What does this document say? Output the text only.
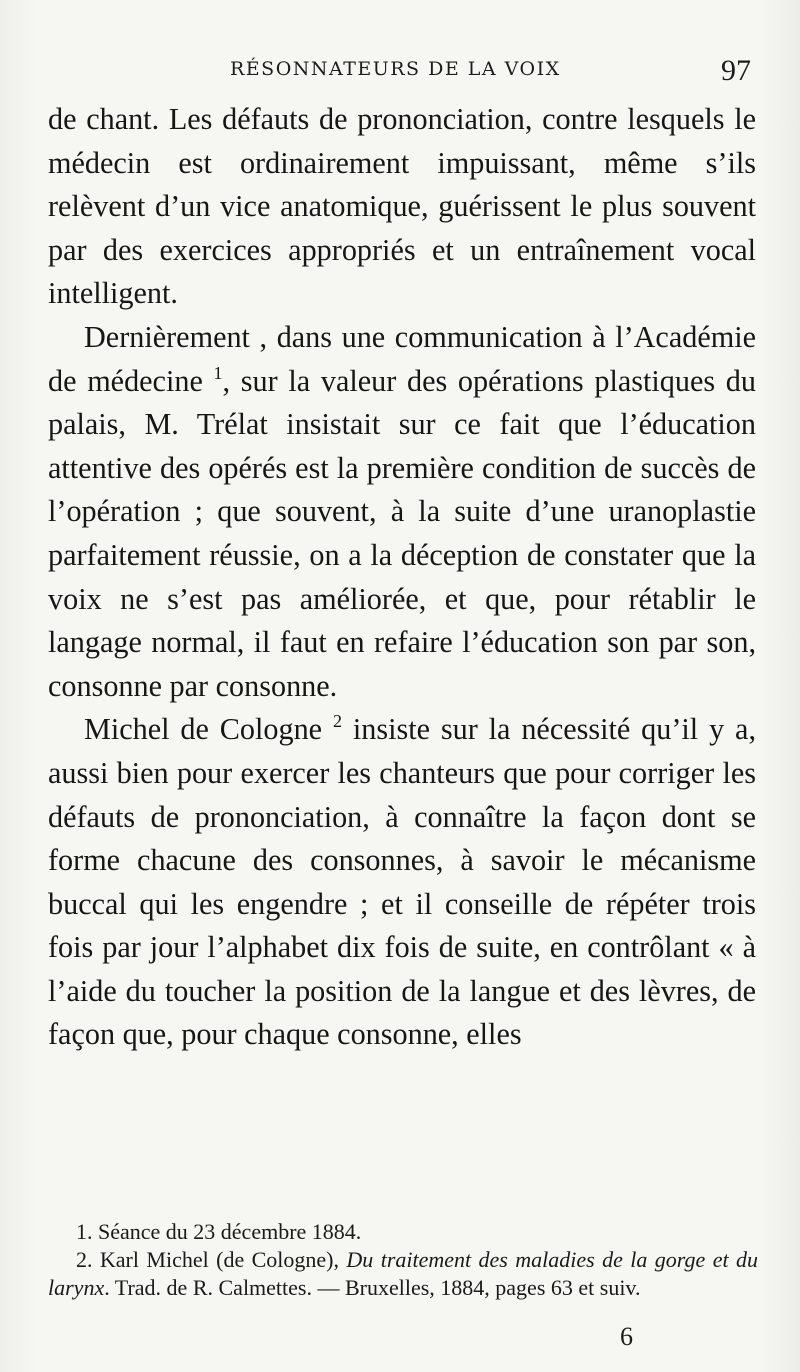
RÉSONNATEURS DE LA VOIX	97

de chant. Les défauts de prononciation, contre lesquels le médecin est ordinairement impuissant, même s’ils relèvent d’un vice anatomique, guérissent le plus souvent par des exercices appropriés et un entraînement vocal intelligent.

Dernièrement , dans une communication à l’Académie de médecine $^1$, sur la valeur des opérations plastiques du palais, M. Trélat insistait sur ce fait que l’éducation attentive des opérés est la première condition de succès de l’opération ; que souvent, à la suite d’une uranoplastie parfaitement réussie, on a la déception de constater que la voix ne s’est pas améliorée, et que, pour rétablir le langage normal, il faut en refaire l’éducation son par son, consonne par consonne.

Michel de Cologne $^2$ insiste sur la nécessité qu’il y a, aussi bien pour exercer les chanteurs que pour corriger les défauts de prononciation, à connaître la façon dont se forme chacune des consonnes, à savoir le mécanisme buccal qui les engendre ; et il conseille de répéter trois fois par jour l’alphabet dix fois de suite, en contrôlant « à l’aide du toucher la position de la langue et des lèvres, de façon que, pour chaque consonne, elles

1. Séance du 23 décembre 1884.

2. Karl Michel (de Cologne), Du traitement des maladies de la gorge et du larynx. Trad. de R. Calmettes. — Bruxelles, 1884, pages 63 et suiv.

6
